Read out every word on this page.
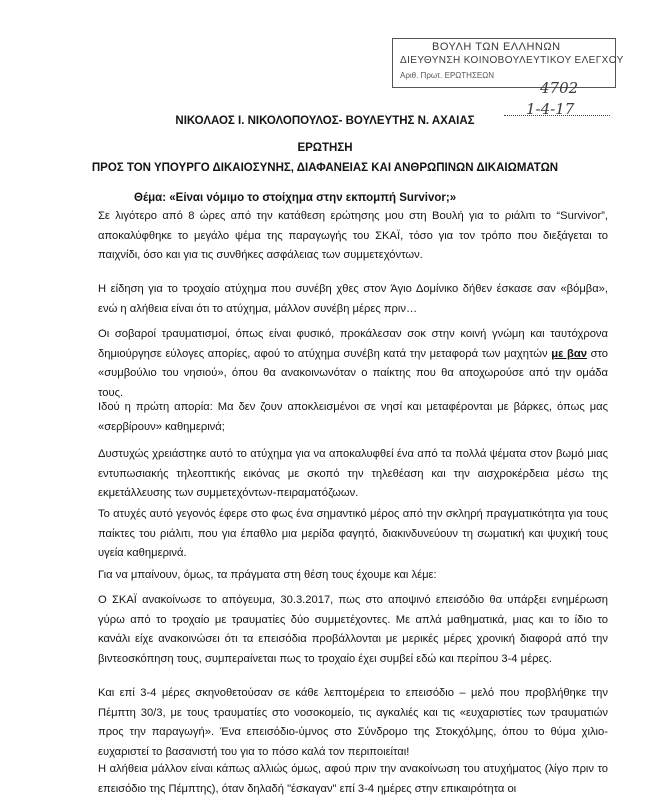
ΒΟΥΛΗ ΤΩΝ ΕΛΛΗΝΩΝ
ΔΙΕΥΘΥΝΣΗ ΚΟΙΝΟΒΟΥΛΕΥΤΙΚΟΥ ΕΛΕΓΧΟΥ
Αριθ. Πρωτ. ΕΡΩΤΗΣΕΩΝ
4702
1-4-17
ΝΙΚΟΛΑΟΣ Ι. ΝΙΚΟΛΟΠΟΥΛΟΣ- ΒΟΥΛΕΥΤΗΣ Ν. ΑΧΑΙΑΣ
ΕΡΩΤΗΣΗ
ΠΡΟΣ ΤΟΝ ΥΠΟΥΡΓΟ ΔΙΚΑΙΟΣΥΝΗΣ, ΔΙΑΦΑΝΕΙΑΣ ΚΑΙ ΑΝΘΡΩΠΙΝΩΝ ΔΙΚΑΙΩΜΑΤΩΝ
Θέμα: «Είναι νόμιμο το στοίχημα στην εκπομπή Survivor;»

Σε λιγότερο από 8 ώρες από την κατάθεση ερώτησης μου στη Βουλή για το ριάλιτι το “Survivor”, αποκαλύφθηκε το μεγάλο ψέμα της παραγωγής του ΣΚΑΪ, τόσο για τον τρόπο που διεξάγεται το παιχνίδι, όσο και για τις συνθήκες ασφάλειας των συμμετεχόντων.

Η είδηση για το τροχαίο ατύχημα που συνέβη χθες στον Άγιο Δομίνικο δήθεν έσκασε σαν «βόμβα», ενώ η αλήθεια είναι ότι το ατύχημα, μάλλον συνέβη μέρες πριν…

Οι σοβαροί τραυματισμοί, όπως είναι φυσικό, προκάλεσαν σοκ στην κοινή γνώμη και ταυτόχρονα δημιούργησε εύλογες απορίες, αφού το ατύχημα συνέβη κατά την μεταφορά των μαχητών με βαν στο «συμβούλιο του νησιού», όπου θα ανακοινωνόταν ο παίκτης που θα αποχωρούσε από την ομάδα τους.

Ιδού η πρώτη απορία: Μα δεν ζουν αποκλεισμένοι σε νησί και μεταφέρονται με βάρκες, όπως μας «σερβίρουν» καθημερινά;

Δυστυχώς χρειάστηκε αυτό το ατύχημα για να αποκαλυφθεί ένα από τα πολλά ψέματα στον βωμό μιας εντυπωσιακής τηλεοπτικής εικόνας με σκοπό την τηλεθέαση και την αισχροκέρδεια μέσω της εκμετάλλευσης των συμμετεχόντων-πειραματόζωων.

Το ατυχές αυτό γεγονός έφερε στο φως ένα σημαντικό μέρος από την σκληρή πραγματικότητα για τους παίκτες του ριάλιτι, που για έπαθλο μια μερίδα φαγητό, διακινδυνεύουν τη σωματική και ψυχική τους υγεία καθημερινά.

Για να μπαίνουν, όμως, τα πράγματα στη θέση τους έχουμε και λέμε:

Ο ΣΚΑΪ ανακοίνωσε το απόγευμα, 30.3.2017, πως στο αποψινό επεισόδιο θα υπάρξει ενημέρωση γύρω από το τροχαίο με τραυματίες δύο συμμετέχοντες. Με απλά μαθηματικά, μιας και το ίδιο το κανάλι είχε ανακοινώσει ότι τα επεισόδια προβάλλονται με μερικές μέρες χρονική διαφορά από την βιντεοσκόπηση τους, συμπεραίνεται πως το τροχαίο έχει συμβεί εδώ και περίπου 3-4 μέρες.

Και επί 3-4 μέρες σκηνοθετούσαν σε κάθε λεπτομέρεια το επεισόδιο – μελό που προβλήθηκε την Πέμπτη 30/3, με τους τραυματίες στο νοσοκομείο, τις αγκαλιές και τις «ευχαριστίες των τραυματιών προς την παραγωγή». Ένα επεισόδιο-ύμνος στο Σύνδρομο της Στοκχόλμης, όπου το θύμα χιλιο-ευχαριστεί το βασανιστή του για το πόσο καλά τον περιποιείται!

Η αλήθεια μάλλον είναι κάπως αλλιώς όμως, αφού πριν την ανακοίνωση του ατυχήματος (λίγο πριν το επεισόδιο της Πέμπτης), όταν δηλαδή "έσκαγαν" επί 3-4 ημέρες στην επικαιρότητα οι
